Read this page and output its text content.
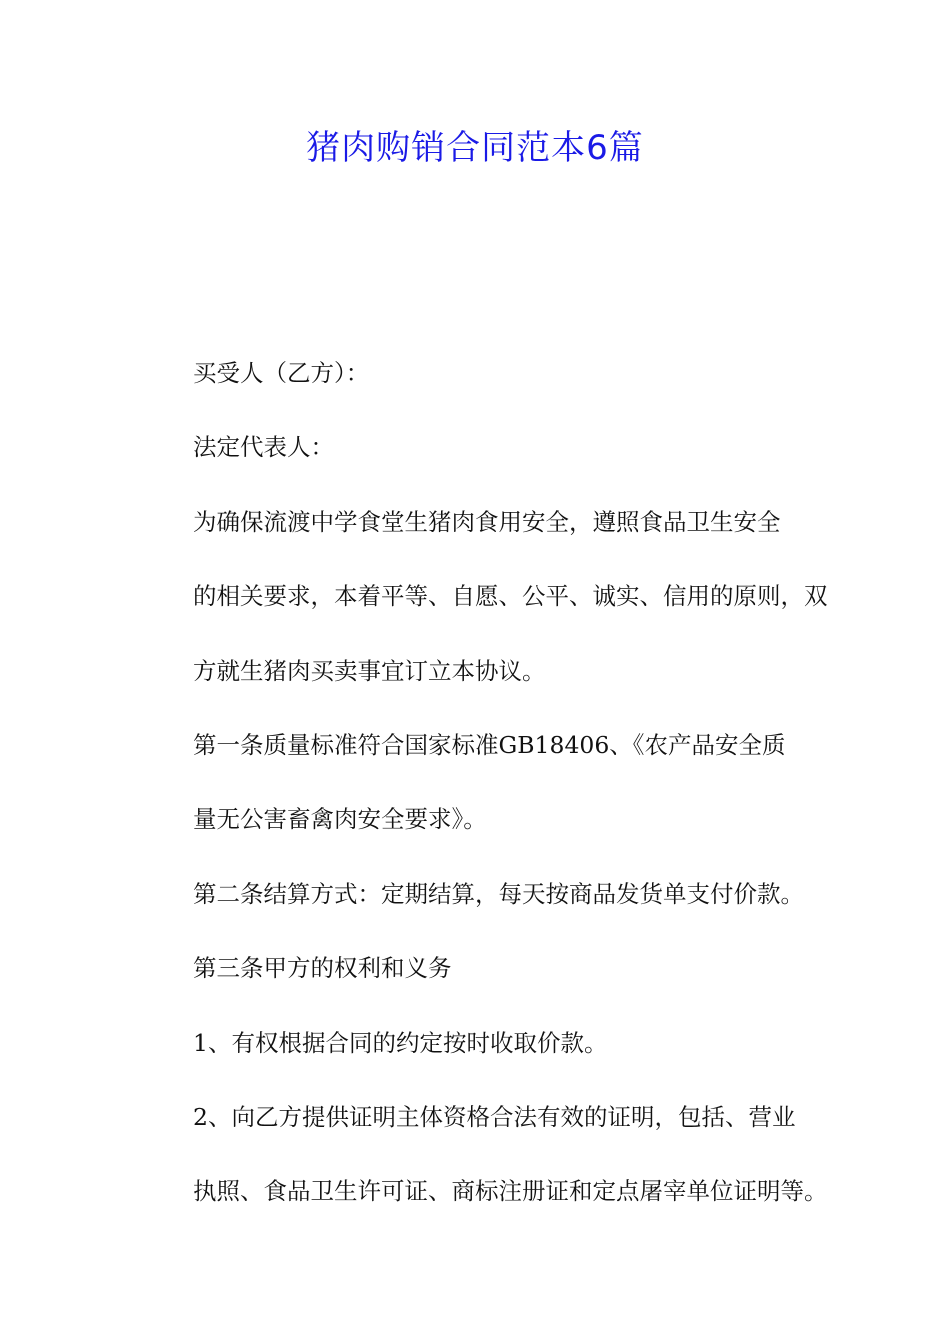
猪肉购销合同范本6篇

买受人（乙方）：

法定代表人：

为确保流渡中学食堂生猪肉食用安全，遵照食品卫生安全
的相关要求，本着平等、自愿、公平、诚实、信用的原则，双
方就生猪肉买卖事宜订立本协议。

第一条质量标准符合国家标准GB18406、《农产品安全质
量无公害畜禽肉安全要求》。

第二条结算方式：定期结算，每天按商品发货单支付价款。

第三条甲方的权利和义务

1、有权根据合同的约定按时收取价款。

2、向乙方提供证明主体资格合法有效的证明，包括、营业
执照、食品卫生许可证、商标注册证和定点屠宰单位证明等。
